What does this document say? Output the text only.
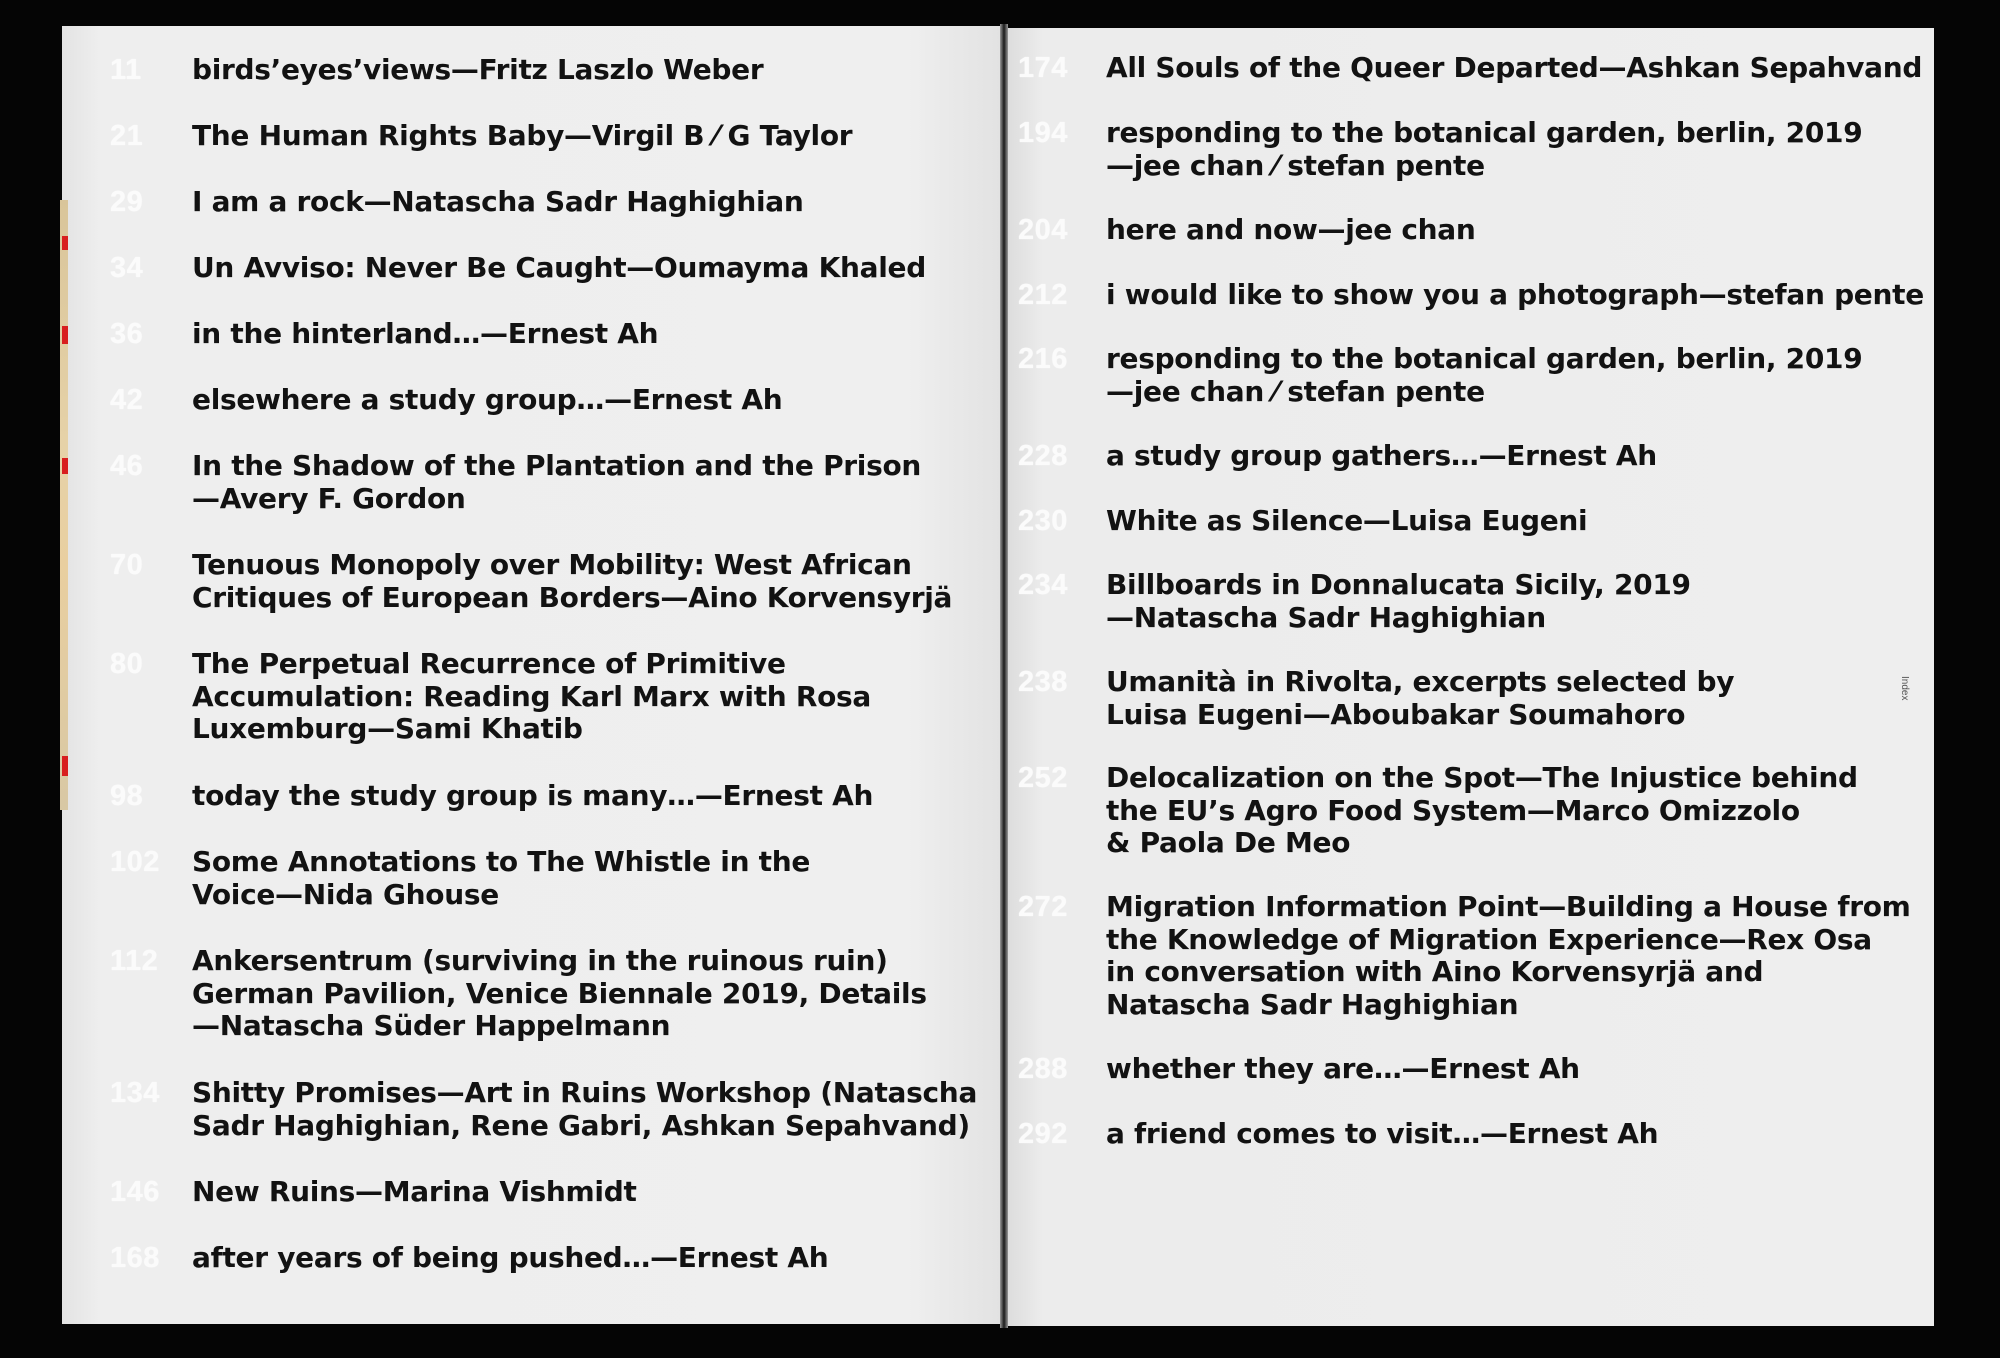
11 birds’eyes’views—Fritz Laszlo Weber
21 The Human Rights Baby—Virgil B ⁄ G Taylor
29 I am a rock—Natascha Sadr Haghighian
34 Un Avviso: Never Be Caught—Oumayma Khaled
36 in the hinterland…—Ernest Ah
42 elsewhere a study group…—Ernest Ah
46 In the Shadow of the Plantation and the Prison
—Avery F. Gordon
70 Tenuous Monopoly over Mobility: West African
Critiques of European Borders—Aino Korvensyrjä
80 The Perpetual Recurrence of Primitive
Accumulation: Reading Karl Marx with Rosa
Luxemburg—Sami Khatib
98 today the study group is many…—Ernest Ah
102 Some Annotations to The Whistle in the
Voice—Nida Ghouse
112 Ankersentrum (surviving in the ruinous ruin)
German Pavilion, Venice Biennale 2019, Details
—Natascha Süder Happelmann
134 Shitty Promises—Art in Ruins Workshop (Natascha
Sadr Haghighian, Rene Gabri, Ashkan Sepahvand)
146 New Ruins—Marina Vishmidt
168 after years of being pushed…—Ernest Ah
174 All Souls of the Queer Departed—Ashkan Sepahvand
194 responding to the botanical garden, berlin, 2019
—jee chan ⁄ stefan pente
204 here and now—jee chan
212 i would like to show you a photograph—stefan pente
216 responding to the botanical garden, berlin, 2019
—jee chan ⁄ stefan pente
228 a study group gathers…—Ernest Ah
230 White as Silence—Luisa Eugeni
234 Billboards in Donnalucata Sicily, 2019
—Natascha Sadr Haghighian
238 Umanità in Rivolta, excerpts selected by
Luisa Eugeni—Aboubakar Soumahoro
252 Delocalization on the Spot—The Injustice behind
the EU’s Agro Food System—Marco Omizzolo
& Paola De Meo
272 Migration Information Point—Building a House from
the Knowledge of Migration Experience—Rex Osa
in conversation with Aino Korvensyrjä and
Natascha Sadr Haghighian
288 whether they are…—Ernest Ah
292 a friend comes to visit…—Ernest Ah
Index
